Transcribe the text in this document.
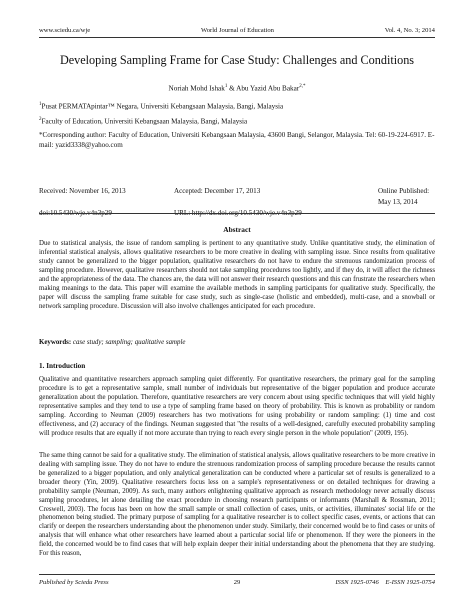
www.sciedu.ca/wje	World Journal of Education	Vol. 4, No. 3; 2014
Developing Sampling Frame for Case Study: Challenges and Conditions
Noriah Mohd Ishak$^1$ & Abu Yazid Abu Bakar$^{2,*}$
$^1$Pusat PERMATApintar™ Negara, Universiti Kebangsaan Malaysia, Bangi, Malaysia
$^2$Faculty of Education, Universiti Kebangsaan Malaysia, Bangi, Malaysia
*Corresponding author: Faculty of Education, Universiti Kebangsaan Malaysia, 43600 Bangi, Selangor, Malaysia. Tel: 60-19-224-6917. E-mail: yazid3338@yahoo.com
Received: November 16, 2013	Accepted: December 17, 2013	Online Published: May 13, 2014
doi:10.5430/wje.v4n3p29	URL: http://dx.doi.org/10.5430/wje.v4n3p29
Abstract
Due to statistical analysis, the issue of random sampling is pertinent to any quantitative study. Unlike quantitative study, the elimination of inferential statistical analysis, allows qualitative researchers to be more creative in dealing with sampling issue. Since results from qualitative study cannot be generalized to the bigger population, qualitative researchers do not have to endure the strenuous randomization process of sampling procedure. However, qualitative researchers should not take sampling procedures too lightly, and if they do, it will affect the richness and the appropriateness of the data. The chances are, the data will not answer their research questions and this can frustrate the researchers when making meanings to the data. This paper will examine the available methods in sampling participants for qualitative study. Specifically, the paper will discuss the sampling frame suitable for case study, such as single-case (holistic and embedded), multi-case, and a snowball or network sampling procedure. Discussion will also involve challenges anticipated for each procedure.
Keywords: case study; sampling; qualitative sample
1. Introduction

Qualitative and quantitative researchers approach sampling quiet differently. For quantitative researchers, the primary goal for the sampling procedure is to get a representative sample, small number of individuals but representative of the bigger population and produce accurate generalization about the population. Therefore, quantitative researchers are very concern about using specific techniques that will yield highly representative samples and they tend to use a type of sampling frame based on theory of probability. This is known as probability or random sampling. According to Neuman (2009) researchers has two motivations for using probability or random sampling: (1) time and cost effectiveness, and (2) accuracy of the findings. Neuman suggested that "the results of a well-designed, carefully executed probability sampling will produce results that are equally if not more accurate than trying to reach every single person in the whole population" (2009, 195).

The same thing cannot be said for a qualitative study. The elimination of statistical analysis, allows qualitative researchers to be more creative in dealing with sampling issue. They do not have to endure the strenuous randomization process of sampling procedure because the results cannot be generalized to a bigger population, and only analytical generalization can be conducted where a particular set of results is generalized to a broader theory (Yin, 2009). Qualitative researchers focus less on a sample's representativeness or on detailed techniques for drawing a probability sample (Neuman, 2009). As such, many authors enlightening qualitative approach as research methodology never actually discuss sampling procedures, let alone detailing the exact procedure in choosing research participants or informants (Marshall & Rossman, 2011; Creswell, 2003). The focus has been on how the small sample or small collection of cases, units, or activities, illuminates' social life or the phenomenon being studied. The primary purpose of sampling for a qualitative researcher is to collect specific cases, events, or actions that can clarify or deepen the researchers understanding about the phenomenon under study. Similarly, their concerned would be to find cases or units of analysis that will enhance what other researchers have learned about a particular social life or phenomenon. If they were the pioneers in the field, the concerned would be to find cases that will help explain deeper their initial understanding about the phenomena that they are studying. For this reason,

Published by Sciedu Press	29	ISSN 1925-0746    E-ISSN 1925-0754
